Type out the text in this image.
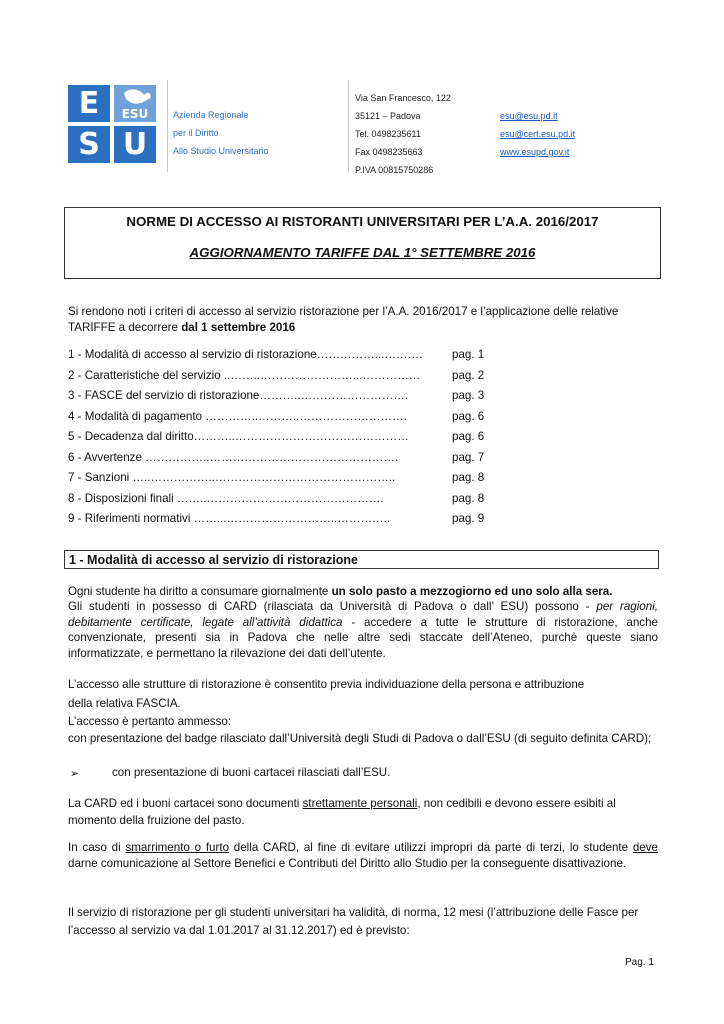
E	ESU
S U
Azienda Regionale
per il Diritto
Allo Studio Universitario
Via San Francesco, 122
35121 – Padova
Tel. 0498235611
Fax 0498235663
P.IVA 00815750286
esu@esu.pd.it
esu@cert.esu.pd.it
www.esupd.gov.it
NORME DI ACCESSO AI RISTORANTI UNIVERSITARI PER L’A.A. 2016/2017
AGGIORNAMENTO TARIFFE DAL 1° SETTEMBRE 2016
Si rendono noti i criteri di accesso al servizio ristorazione per l’A.A. 2016/2017 e l’applicazione delle relative
TARIFFE a decorrere dal 1 settembre 2016
1 - Modalità di accesso al servizio di ristorazione……………...……….	pag. 1
2 - Caratteristiche del servizio ..……..……………………...……………	pag. 2
3 - FASCE del servizio di ristorazione………..……………………….	pag. 3
4 - Modalità di pagamento …………..………..……………………….	pag. 6
5 - Decadenza dal diritto………..………………………………………	pag. 6
6 - Avvertenze ……………..………………………………………….	pag. 7
7 - Sanzioni …..……………..………………………………………..	pag. 8
8 - Disposizioni finali ……..……………………………………….	pag. 8
9 - Riferimenti normativi ……...………………………..…………..	pag. 9
1 - Modalità di accesso al servizio di ristorazione
Ogni studente ha diritto a consumare giornalmente un solo pasto a mezzogiorno ed uno solo alla sera.
Gli studenti in possesso di CARD (rilasciata da Università di Padova o dall’ ESU) possono - per ragioni, debitamente certificate, legate all’attività didattica - accedere a tutte le strutture di ristorazione, anche convenzionate, presenti sia in Padova che nelle altre sedi staccate dell’Ateneo, purchè queste siano informatizzate, e permettano la rilevazione dei dati dell’utente.
L’accesso alle strutture di ristorazione è consentito previa individuazione della persona e attribuzione
della relativa FASCIA.
L’accesso è pertanto ammesso:
con presentazione del badge rilasciato dall’Università degli Studi di Padova o dall’ESU (di seguito definita CARD);
➢	con presentazione di buoni cartacei rilasciati dall’ESU.
La CARD ed i buoni cartacei sono documenti strettamente personali, non cedibili e devono essere esibiti al momento della fruizione del pasto.
In caso di smarrimento o furto della CARD, al fine di evitare utilizzi impropri da parte di terzi, lo studente deve darne comunicazione al Settore Benefici e Contributi del Diritto allo Studio per la conseguente disattivazione.
Il servizio di ristorazione per gli studenti universitari ha validità, di norma, 12 mesi (l’attribuzione delle Fasce per l’accesso al servizio va dal 1.01.2017 al 31.12.2017) ed è previsto:
Pag. 1
